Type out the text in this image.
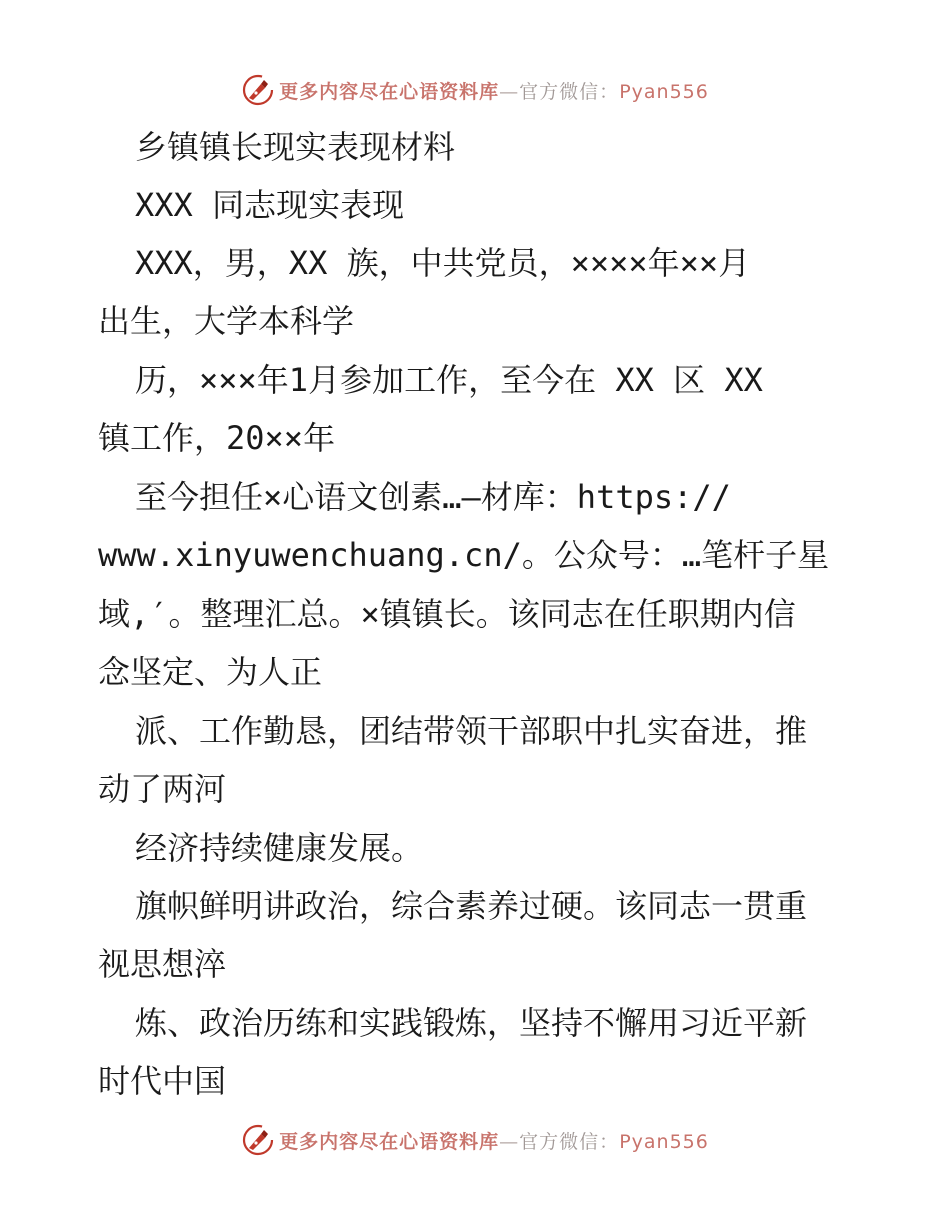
更多内容尽在心语资料库—官方微信：Pyan556
乡镇镇长现实表现材料
XXX 同志现实表现
XXX，男，XX 族，中共党员，××××年××月
出生，大学本科学
历，×××年1月参加工作，至今在 XX 区 XX
镇工作，20××年
至今担任×心语文创素…—材库：https://
www.xinyuwenchuang.cn/。公众号：…笔杆子星
域,′。整理汇总。×镇镇长。该同志在任职期内信
念坚定、为人正
派、工作勤恳，团结带领干部职中扎实奋进，推
动了两河
经济持续健康发展。
旗帜鲜明讲政治，综合素养过硬。该同志一贯重
视思想淬
炼、政治历练和实践锻炼，坚持不懈用习近平新
时代中国
更多内容尽在心语资料库—官方微信：Pyan556
